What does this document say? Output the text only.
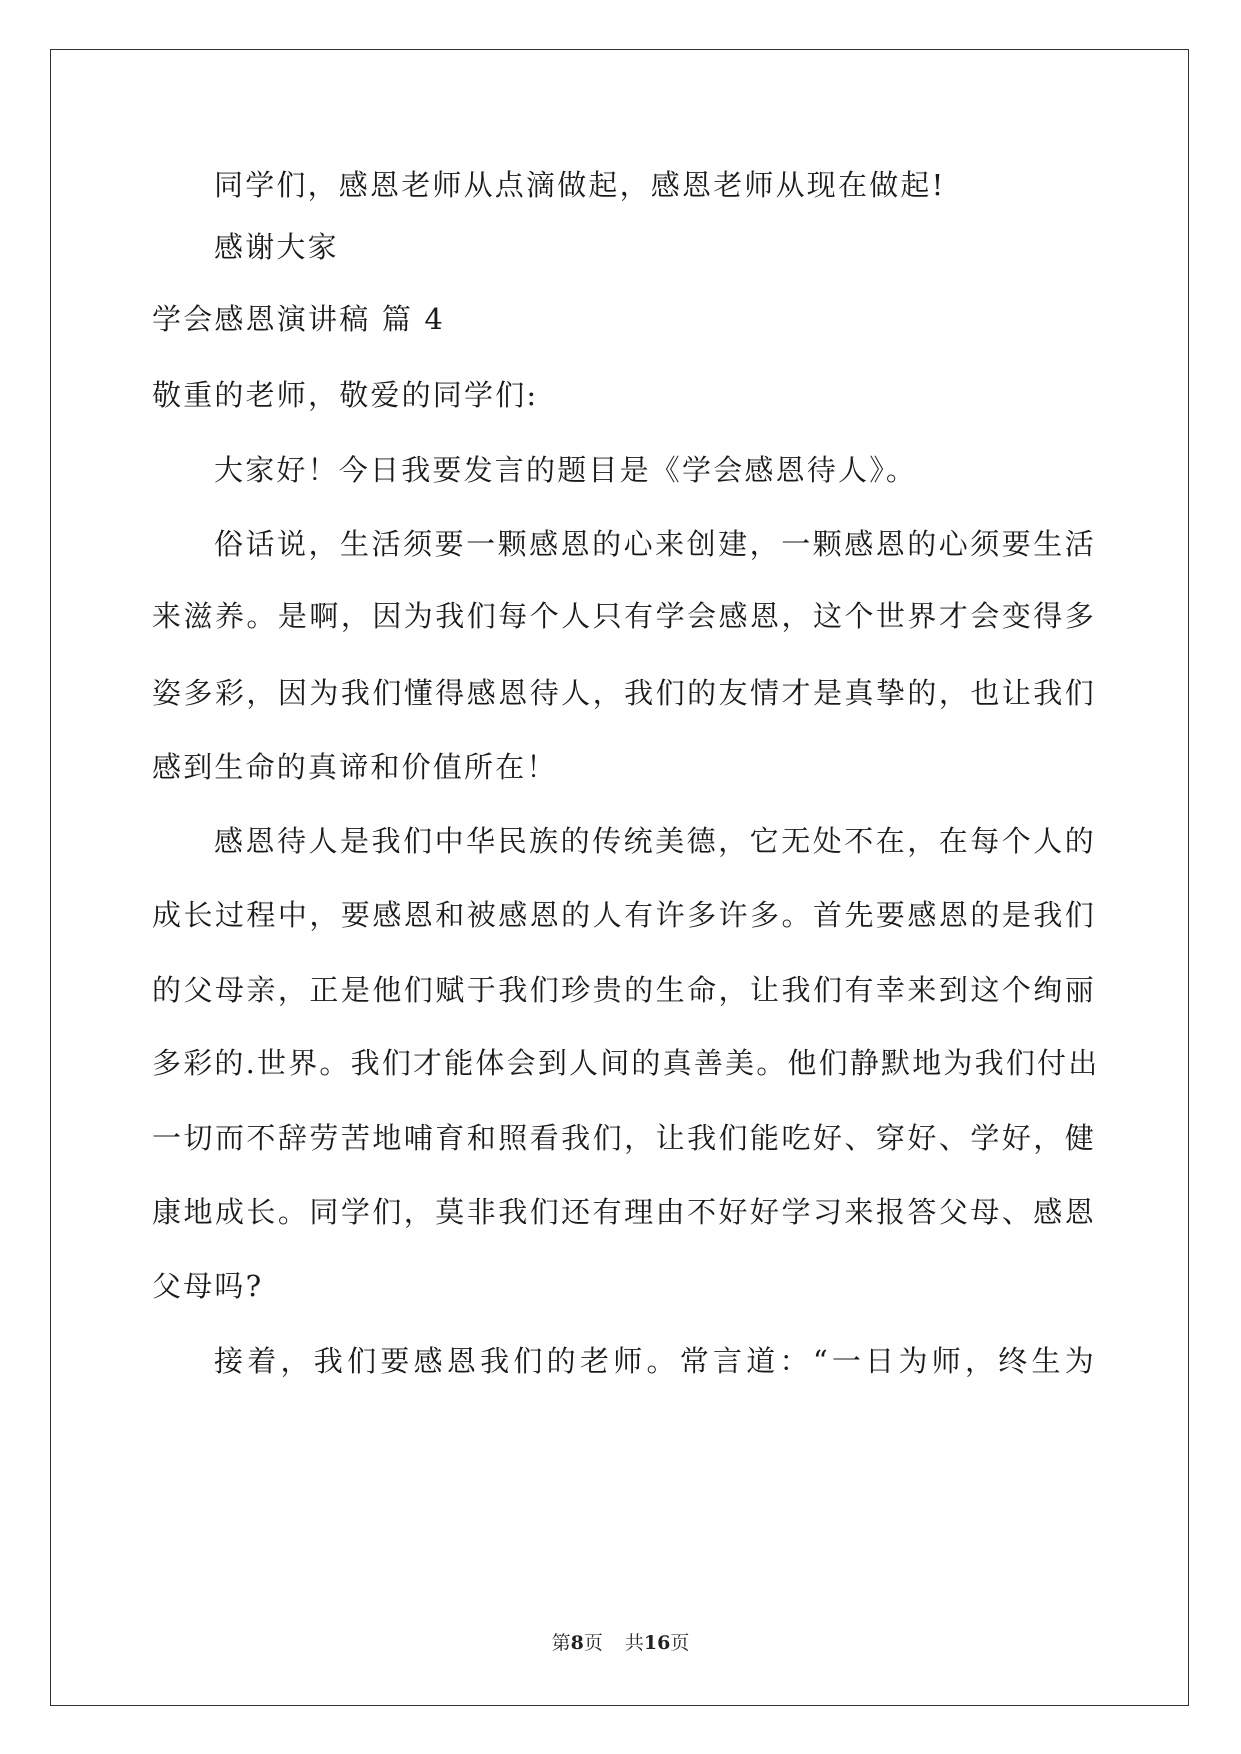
同学们，感恩老师从点滴做起，感恩老师从现在做起!
感谢大家
学会感恩演讲稿 篇 4
敬重的老师，敬爱的同学们:
大家好！今日我要发言的题目是《学会感恩待人》。
俗话说，生活须要一颗感恩的心来创建，一颗感恩的心须要生活
来滋养。是啊，因为我们每个人只有学会感恩，这个世界才会变得多
姿多彩，因为我们懂得感恩待人，我们的友情才是真挚的，也让我们
感到生命的真谛和价值所在！
感恩待人是我们中华民族的传统美德，它无处不在，在每个人的
成长过程中，要感恩和被感恩的人有许多许多。首先要感恩的是我们
的父母亲，正是他们赋于我们珍贵的生命，让我们有幸来到这个绚丽
多彩的.世界。我们才能体会到人间的真善美。他们静默地为我们付出
一切而不辞劳苦地哺育和照看我们，让我们能吃好、穿好、学好，健
康地成长。同学们，莫非我们还有理由不好好学习来报答父母、感恩
父母吗?
接着，我们要感恩我们的老师。常言道：“一日为师，终生为
第8页 共16页
